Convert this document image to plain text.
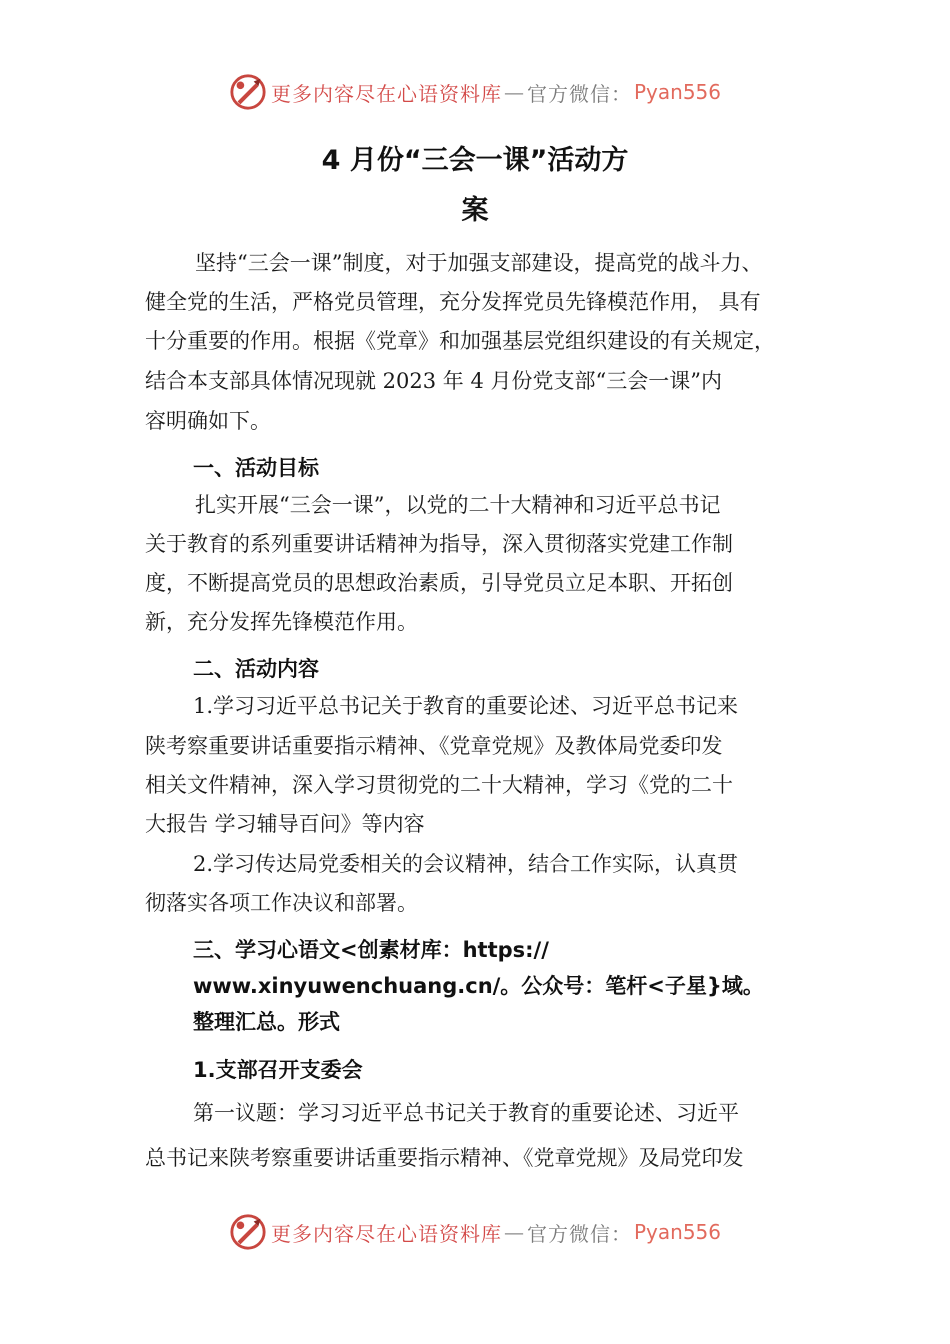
更多内容尽在心语资料库 — 官方微信： Pyan556
4 月份“三会一课”活动方
案
坚持“三会一课”制度，对于加强支部建设，提高党的战斗力、
健全党的生活，严格党员管理，充分发挥党员先锋模范作用， 具有
十分重要的作用。根据《党章》和加强基层党组织建设的有关规定，
结合本支部具体情况现就 2023 年 4 月份党支部“三会一课”内
容明确如下。
一、活动目标
扎实开展“三会一课”，以党的二十大精神和习近平总书记
关于教育的系列重要讲话精神为指导，深入贯彻落实党建工作制
度，不断提高党员的思想政治素质，引导党员立足本职、开拓创
新，充分发挥先锋模范作用。
二、活动内容
1.学习习近平总书记关于教育的重要论述、习近平总书记来
陕考察重要讲话重要指示精神、《党章党规》及教体局党委印发
相关文件精神，深入学习贯彻党的二十大精神，学习《党的二十
大报告 学习辅导百问》等内容
2.学习传达局党委相关的会议精神，结合工作实际，认真贯
彻落实各项工作决议和部署。
三、学习心语文<创素材库：https://
www.xinyuwenchuang.cn/。公众号：笔杆<子星}域。
整理汇总。形式
1.支部召开支委会
第一议题：学习习近平总书记关于教育的重要论述、习近平
总书记来陕考察重要讲话重要指示精神、《党章党规》及局党印发
更多内容尽在心语资料库 — 官方微信： Pyan556
